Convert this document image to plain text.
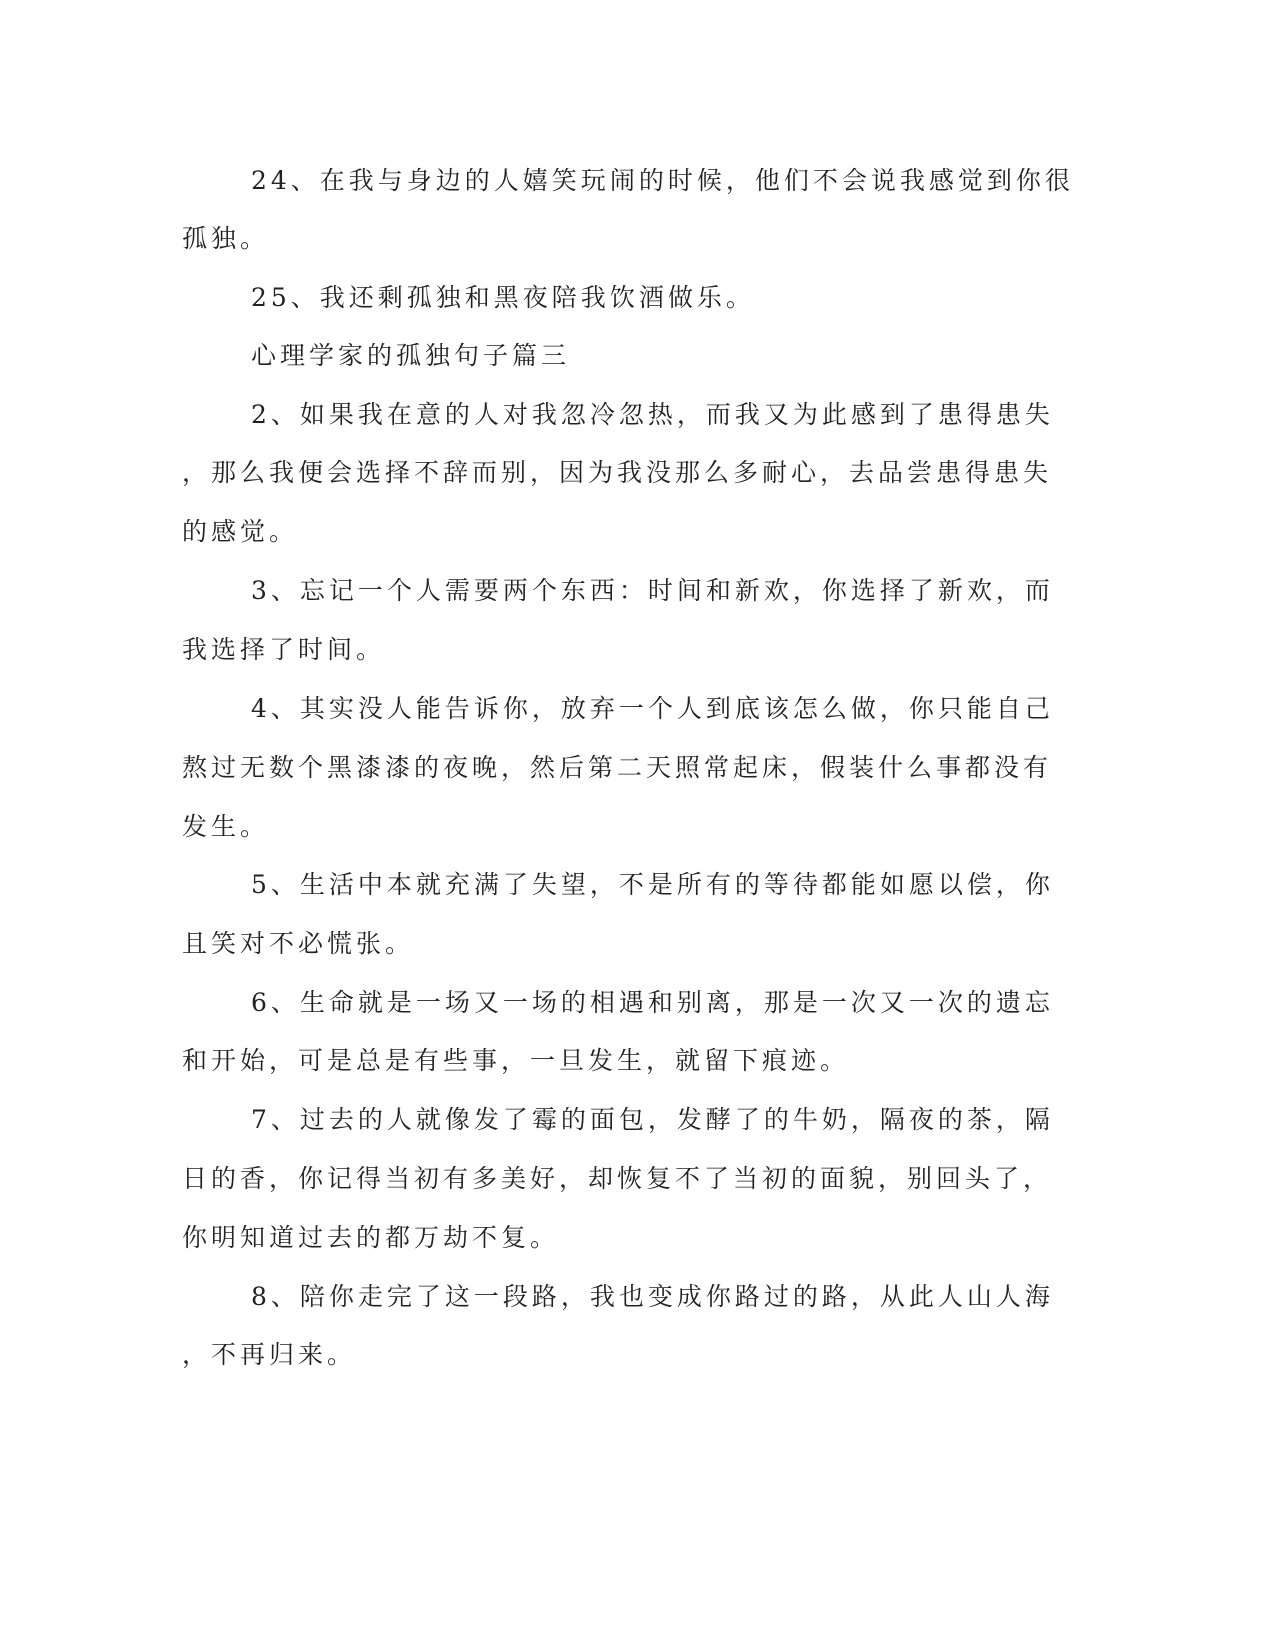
24、在我与身边的人嬉笑玩闹的时候，他们不会说我感觉到你很
孤独。
25、我还剩孤独和黑夜陪我饮酒做乐。
心理学家的孤独句子篇三
2、如果我在意的人对我忽冷忽热，而我又为此感到了患得患失
，那么我便会选择不辞而别，因为我没那么多耐心，去品尝患得患失
的感觉。
3、忘记一个人需要两个东西：时间和新欢，你选择了新欢，而
我选择了时间。
4、其实没人能告诉你，放弃一个人到底该怎么做，你只能自己
熬过无数个黑漆漆的夜晚，然后第二天照常起床，假装什么事都没有
发生。
5、生活中本就充满了失望，不是所有的等待都能如愿以偿，你
且笑对不必慌张。
6、生命就是一场又一场的相遇和别离，那是一次又一次的遗忘
和开始，可是总是有些事，一旦发生，就留下痕迹。
7、过去的人就像发了霉的面包，发酵了的牛奶，隔夜的茶，隔
日的香，你记得当初有多美好，却恢复不了当初的面貌，别回头了，
你明知道过去的都万劫不复。
8、陪你走完了这一段路，我也变成你路过的路，从此人山人海
，不再归来。
